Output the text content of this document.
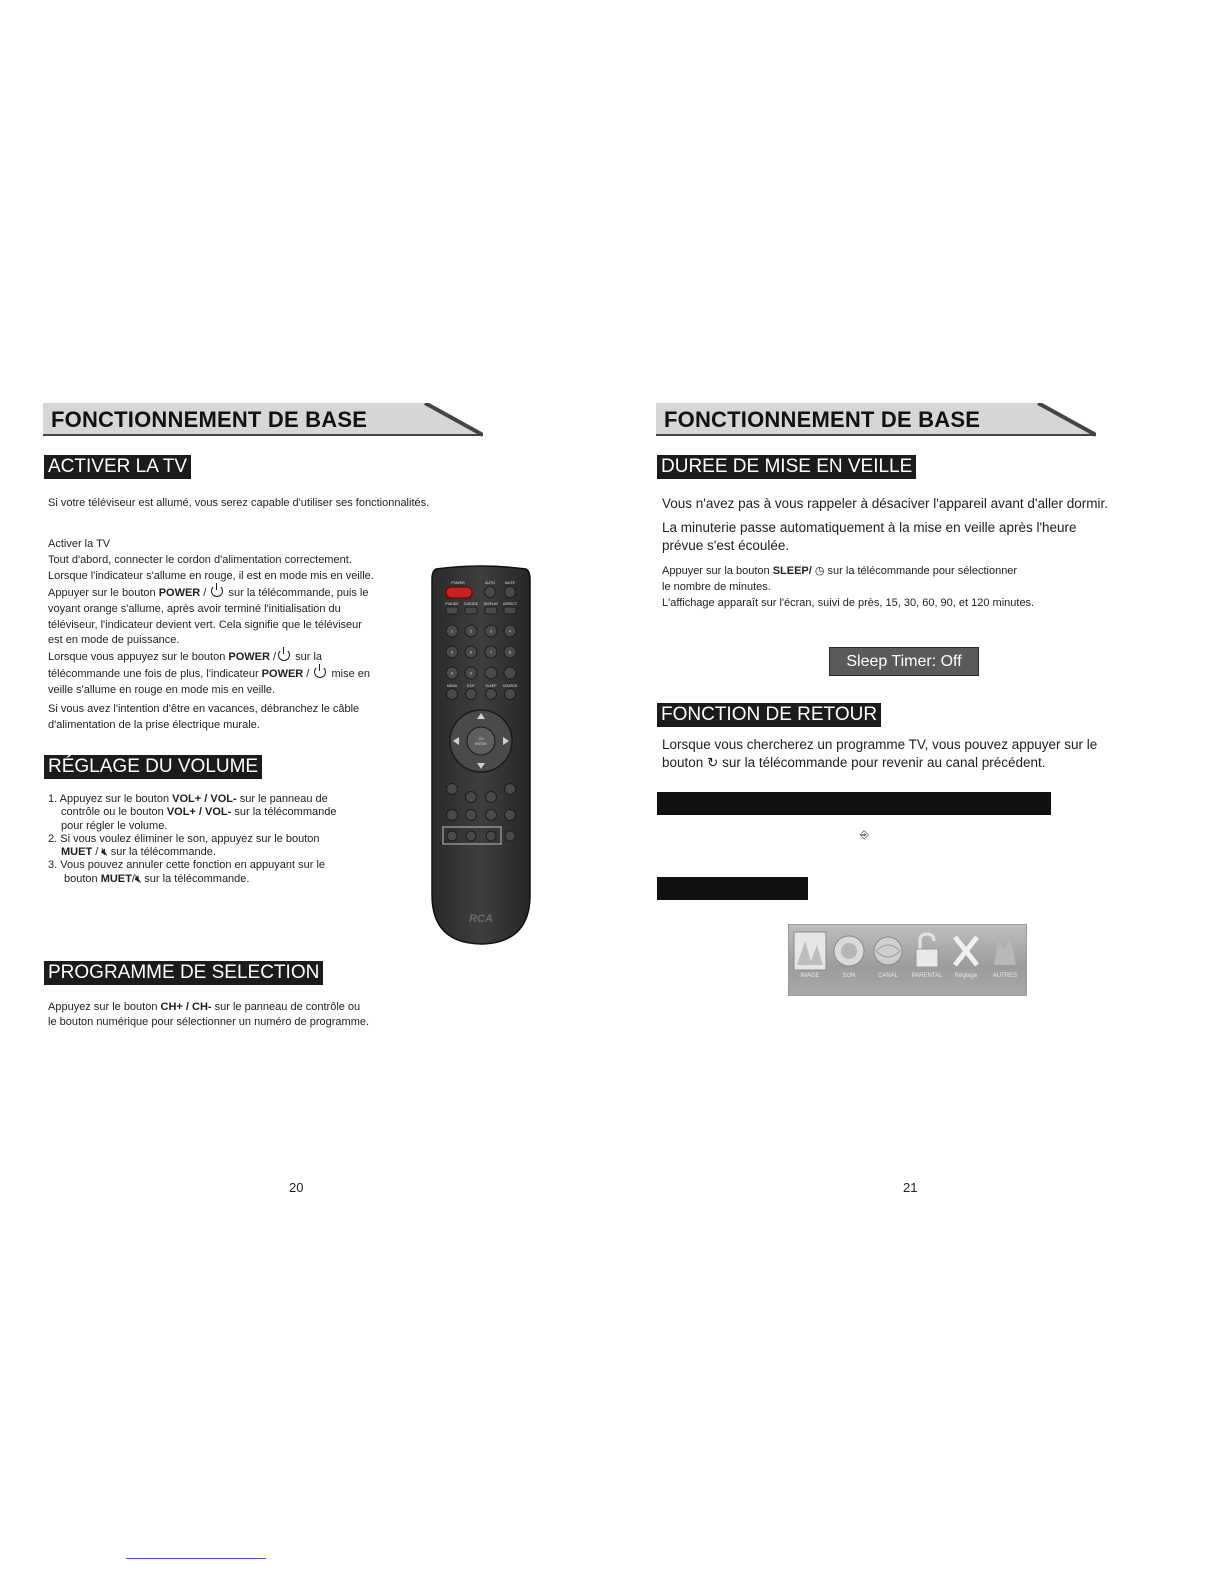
FONCTIONNEMENT DE BASE
ACTIVER LA TV
Si votre téléviseur est allumé, vous serez capable d'utiliser ses fonctionnalités.
Activer la TV
Tout d'abord, connecter le cordon d'alimentation correctement.
Lorsque l'indicateur s'allume en rouge, il est en mode mis en veille.
Appuyer sur le bouton POWER /  sur la télécommande, puis le
voyant orange s'allume, après avoir terminé l'initialisation du
téléviseur, l'indicateur devient vert. Cela signifie que le téléviseur
est en mode de puissance.
Lorsque vous appuyez sur le bouton POWER / sur la
télécommande une fois de plus, l'indicateur POWER /  mise en
veille s'allume en rouge en mode mis en veille.
Si vous avez l'intention d'être en vacances, débranchez le câble
d'alimentation de la prise électrique murale.
RÉGLAGE DU VOLUME
1. Appuyez sur le bouton VOL+ / VOL- sur le panneau de
contrôle ou le bouton VOL+ / VOL- sur la télécommande
pour régler le volume.
2. Si vous voulez éliminer le son, appuyez sur le bouton
MUET / 🔇︎ sur la télécommande.
3. Vous pouvez annuler cette fonction en appuyant sur le
bouton MUET/🔇︎ sur la télécommande.
PROGRAMME DE SELECTION
Appuyez sur le bouton CH+ / CH- sur le panneau de contrôle ou
le bouton numérique pour sélectionner un numéro de programme.
POWER	AUTO	MUTE
P.MODE S.MODE DISPLAY ASPECT
1	2	3	4
5	6	7	8
9	0
MENU	EXIT	SLEEP SOURCE
CH
ENTER
RCA
20
FONCTIONNEMENT DE BASE
DUREE DE MISE EN VEILLE
Vous n'avez pas à vous rappeler à désaciver l'appareil avant d'aller dormir.
La minuterie passe automatiquement à la mise en veille après l'heure
prévue s'est écoulée.
Appuyer sur la bouton SLEEP/ ◷ sur la télécommande pour sélectionner
le nombre de minutes.
L'affichage apparaît sur l'écran, suivi de près, 15, 30, 60, 90, et 120 minutes.
Sleep Timer: Off
FONCTION DE RETOUR
Lorsque vous chercherez un programme TV, vous pouvez appuyer sur le
bouton ↻ sur la télécommande pour revenir au canal précédent.
⎆
IMAGE	SON	CANAL	PARENTAL	Réglage	AUTRES
21
